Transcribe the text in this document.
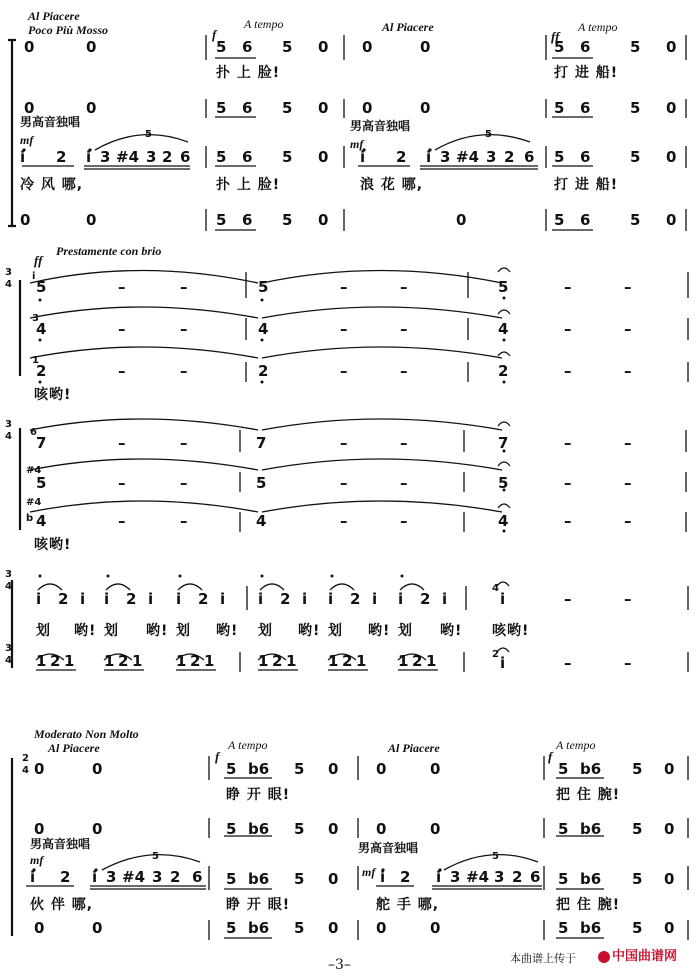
Al Piacere
Poco Più Mosso	f
A tempo	Al Piacere
ff
A tempo
0	0	5 6 5 0 0	0	5 6	5 0
扑 上 脸!	打 进 船!
0	0	5 6 5 0 0	0	5 6	5 0
男高音独唱	男高音独唱
mf	mf
5	5
i 2 i 3 #4 3 2 6 5 6 5 0 i 2 i 3 #4 3 2 6 5 6	5 0
冷 风 哪,	扑 上 脸!	浪 花 哪,	打 进 船!
0	0	5 6 5 0	0	5 6	5 0
ff
Prestamente con brio
3
4
i
3
1
5	–	–	5	–	–	5	–	–
4	–	–	4	–	–	4	–	–
2	–	–	2	–	–	2	–	–
咳哟!
3
4 6
#4
#4
b
7	–	–	7	–	–	7	–	–
5	–	–	5	–	–	5	–	–
4	–	–	4	–	–	4	–	–
咳哟!
3
4
i 2 i i 2 i i 2 i i 2 i i 2 i i 2 i
4
i	–	–
划 哟! 划 哟! 划 哟! 划 哟! 划 哟! 划 哟! 咳哟!
3
4 1 2 1 1 2 1 1 2 1	1 2 1 1 2 1 1 2 1	2 i	–	–
Moderato Non Molto
Al Piacere
2
4
f
A tempo	Al Piacere
f
A tempo
0	0	5 b6 5 0	0	0	5 b6 5 0
睁 开 眼!	把 住 腕!
0	0	5 b6 5 0	0	0	5 b6 5 0
男高音独唱	男高音独唱
mf
mf
5	5
i 2 i 3 #4 3 2 6 5 b6 5 0	i 2 i 3 #4 3 2 6 5 b6 5 0
伙 伴 哪,	睁 开 眼!	舵 手 哪,	把 住 腕!
0	0	5 b6 5 0	0	0	5 b6 5 0
–3–	本曲谱上传于	中国曲谱网
